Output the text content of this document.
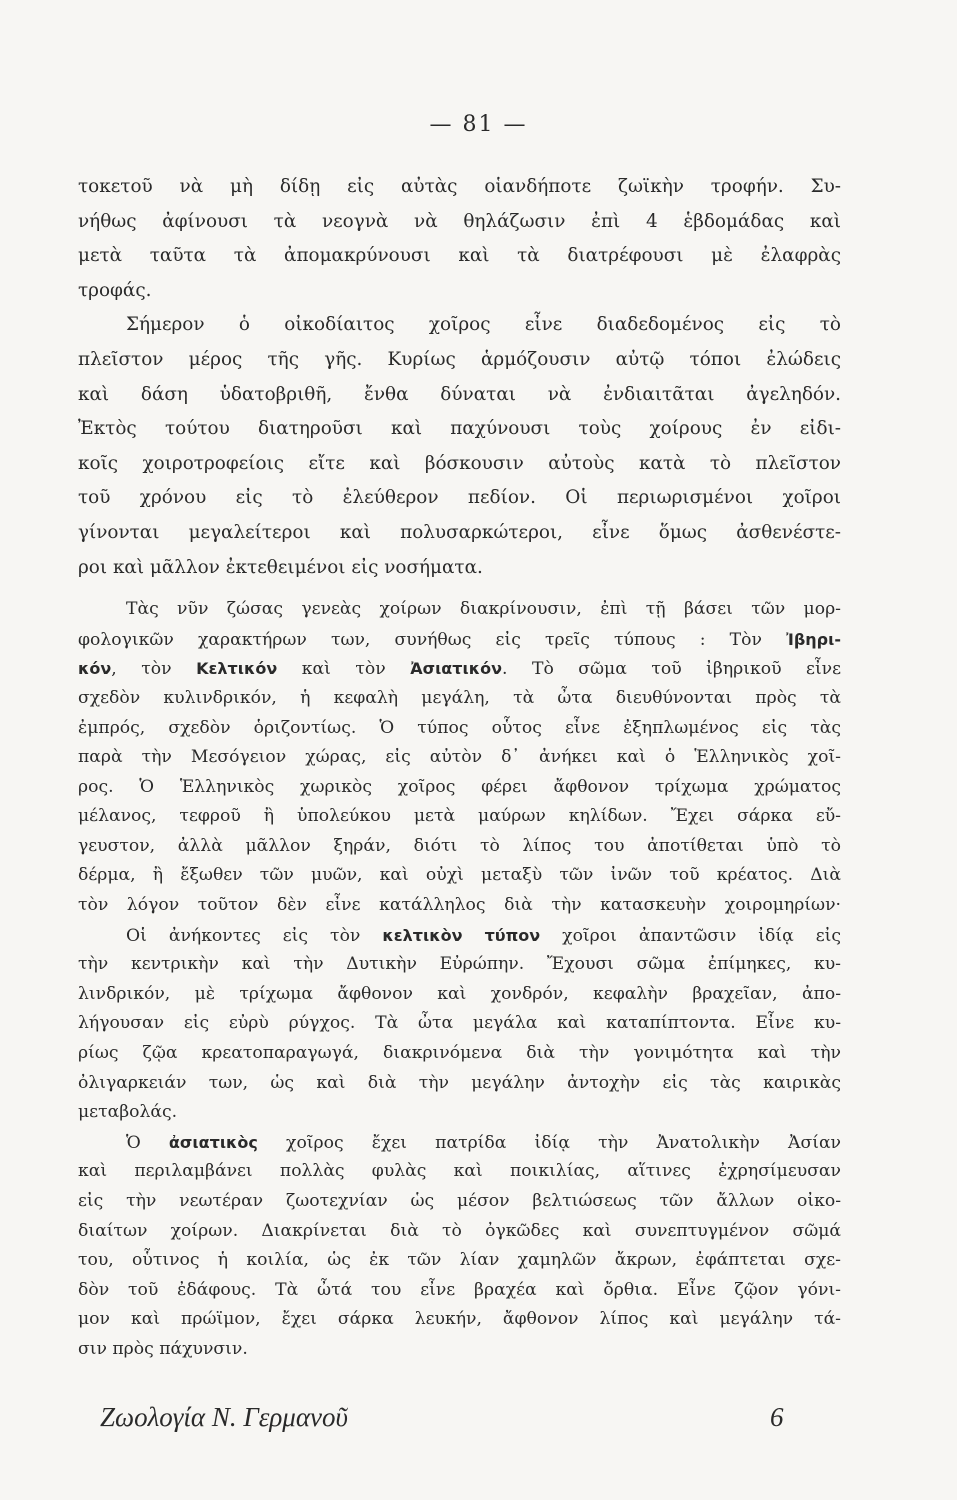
— 81 —
τοκετοῦ νὰ μὴ δίδῃ εἰς αὐτὰς οἱανδήποτε ζωϊκὴν τροφήν. Συ-
νήθως ἀφίνουσι τὰ νεογνὰ νὰ θηλάζωσιν ἐπὶ 4 ἑβδομάδας καὶ
μετὰ ταῦτα τὰ ἀπομακρύνουσι καὶ τὰ διατρέφουσι μὲ ἐλαφρὰς
τροφάς.
Σήμερον ὁ οἰκοδίαιτος χοῖρος εἶνε διαδεδομένος εἰς τὸ
πλεῖστον μέρος τῆς γῆς. Κυρίως ἁρμόζουσιν αὐτῷ τόποι ἐλώδεις
καὶ δάση ὑδατοβριθῆ, ἔνθα δύναται νὰ ἐνδιαιτᾶται ἀγεληδόν.
Ἐκτὸς τούτου διατηροῦσι καὶ παχύνουσι τοὺς χοίρους ἐν εἰδι-
κοῖς χοιροτροφείοις εἴτε καὶ βόσκουσιν αὐτοὺς κατὰ τὸ πλεῖστον
τοῦ χρόνου εἰς τὸ ἐλεύθερον πεδίον. Οἱ περιωρισμένοι χοῖροι
γίνονται μεγαλείτεροι καὶ πολυσαρκώτεροι, εἶνε ὅμως ἀσθενέστε-
ροι καὶ μᾶλλον ἐκτεθειμένοι εἰς νοσήματα.
Τὰς νῦν ζώσας γενεὰς χοίρων διακρίνουσιν, ἐπὶ τῇ βάσει τῶν μορ-
φολογικῶν χαρακτήρων των, συνήθως εἰς τρεῖς τύπους : Τὸν Ἰβηρι-
κόν, τὸν Κελτικόν καὶ τὸν Ἀσιατικόν. Τὸ σῶμα τοῦ ἰβηρικοῦ εἶνε
σχεδὸν κυλινδρικόν, ἡ κεφαλὴ μεγάλη, τὰ ὦτα διευθύνονται πρὸς τὰ
ἐμπρός, σχεδὸν ὁριζοντίως. Ὁ τύπος οὗτος εἶνε ἐξηπλωμένος εἰς τὰς
παρὰ τὴν Μεσόγειον χώρας, εἰς αὐτὸν δ᾿ ἀνήκει καὶ ὁ Ἑλληνικὸς χοῖ-
ρος. Ὁ Ἑλληνικὸς χωρικὸς χοῖρος φέρει ἄφθονον τρίχωμα χρώματος
μέλανος, τεφροῦ ἢ ὑπολεύκου μετὰ μαύρων κηλίδων. Ἔχει σάρκα εὔ-
γευστον, ἀλλὰ μᾶλλον ξηράν, διότι τὸ λίπος του ἀποτίθεται ὑπὸ τὸ
δέρμα, ἢ ἔξωθεν τῶν μυῶν, καὶ οὐχὶ μεταξὺ τῶν ἰνῶν τοῦ κρέατος. Διὰ
τὸν λόγον τοῦτον δὲν εἶνε κατάλληλος διὰ τὴν κατασκευὴν χοιρομηρίων·
Οἱ ἀνήκοντες εἰς τὸν κελτικὸν τύπον χοῖροι ἀπαντῶσιν ἰδίᾳ εἰς
τὴν κεντρικὴν καὶ τὴν Δυτικὴν Εὐρώπην. Ἔχουσι σῶμα ἐπίμηκες, κυ-
λινδρικόν, μὲ τρίχωμα ἄφθονον καὶ χονδρόν, κεφαλὴν βραχεῖαν, ἀπο-
λήγουσαν εἰς εὐρὺ ρύγχος. Τὰ ὦτα μεγάλα καὶ καταπίπτοντα. Εἶνε κυ-
ρίως ζῷα κρεατοπαραγωγά, διακρινόμενα διὰ τὴν γονιμότητα καὶ τὴν
ὀλιγαρκειάν των, ὡς καὶ διὰ τὴν μεγάλην ἀντοχὴν εἰς τὰς καιρικὰς
μεταβολάς.
Ὁ ἀσιατικὸς χοῖρος ἔχει πατρίδα ἰδίᾳ τὴν Ἀνατολικὴν Ἀσίαν
καὶ περιλαμβάνει πολλὰς φυλὰς καὶ ποικιλίας, αἵτινες ἐχρησίμευσαν
εἰς τὴν νεωτέραν ζωοτεχνίαν ὡς μέσον βελτιώσεως τῶν ἄλλων οἰκο-
διαίτων χοίρων. Διακρίνεται διὰ τὸ ὀγκῶδες καὶ συνεπτυγμένον σῶμά
του, οὗτινος ἡ κοιλία, ὡς ἐκ τῶν λίαν χαμηλῶν ἄκρων, ἐφάπτεται σχε-
δὸν τοῦ ἐδάφους. Τὰ ὦτά του εἶνε βραχέα καὶ ὄρθια. Εἶνε ζῷον γόνι-
μον καὶ πρώϊμον, ἔχει σάρκα λευκήν, ἄφθονον λίπος καὶ μεγάλην τά-
σιν πρὸς πάχυνσιν.
Ζωολογία Ν. Γερμανοῦ	6
